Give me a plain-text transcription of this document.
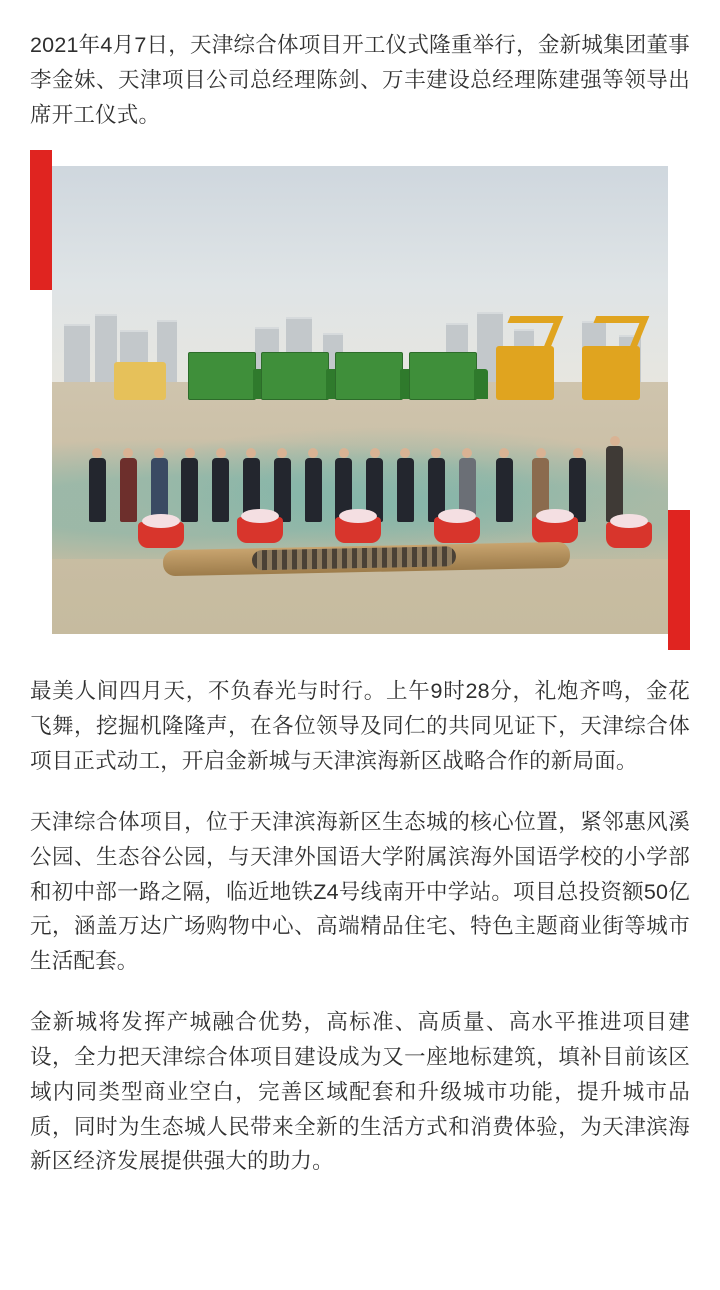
2021年4月7日，天津综合体项目开工仪式隆重举行，金新城集团董事李金妹、天津项目公司总经理陈剑、万丰建设总经理陈建强等领导出席开工仪式。

最美人间四月天，不负春光与时行。上午9时28分，礼炮齐鸣，金花飞舞，挖掘机隆隆声，在各位领导及同仁的共同见证下，天津综合体项目正式动工，开启金新城与天津滨海新区战略合作的新局面。

天津综合体项目，位于天津滨海新区生态城的核心位置，紧邻惠风溪公园、生态谷公园，与天津外国语大学附属滨海外国语学校的小学部和初中部一路之隔，临近地铁Z4号线南开中学站。项目总投资额50亿元，涵盖万达广场购物中心、高端精品住宅、特色主题商业街等城市生活配套。

金新城将发挥产城融合优势，高标准、高质量、高水平推进项目建设，全力把天津综合体项目建设成为又一座地标建筑，填补目前该区域内同类型商业空白，完善区域配套和升级城市功能，提升城市品质，同时为生态城人民带来全新的生活方式和消费体验，为天津滨海新区经济发展提供强大的助力。
